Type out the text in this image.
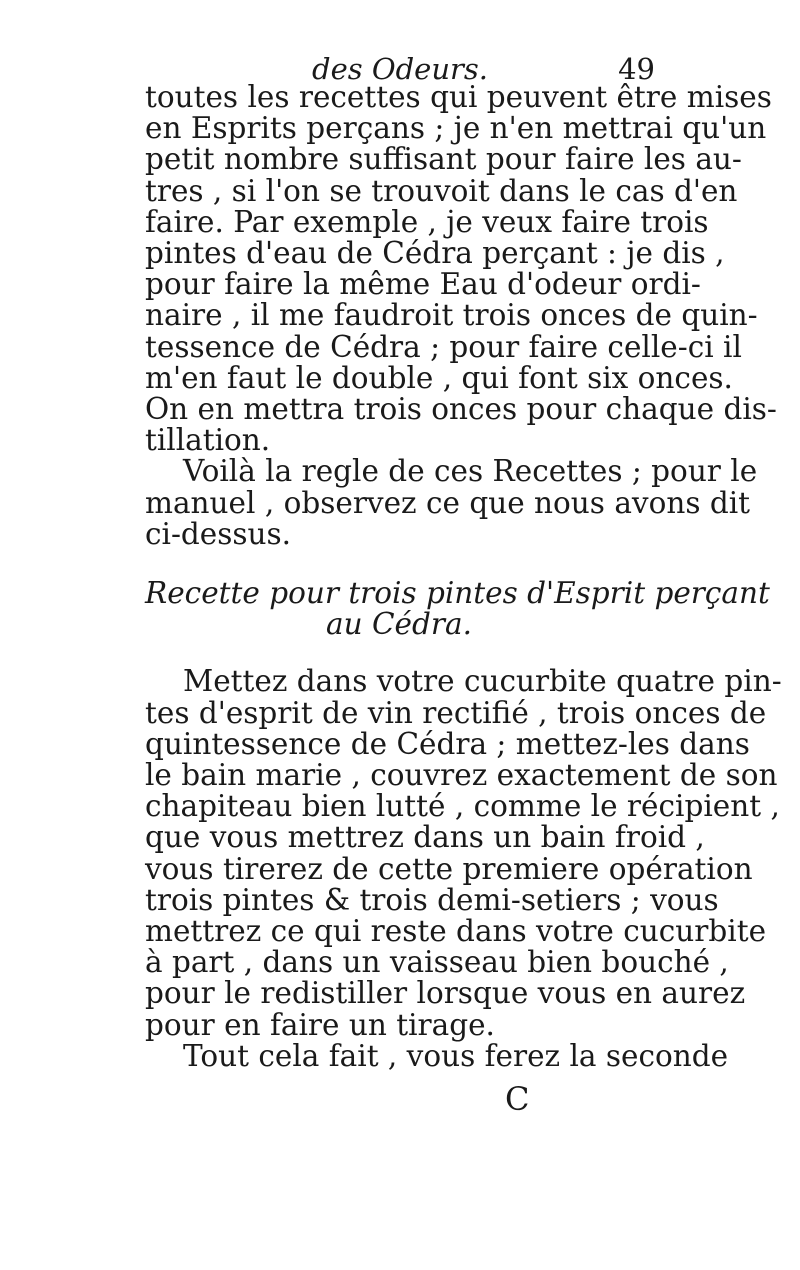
des Odeurs.	49
toutes les recettes qui peuvent être mises
en Esprits perçans ; je n'en mettrai qu'un
petit nombre suffisant pour faire les au-
tres , si l'on se trouvoit dans le cas d'en
faire. Par exemple , je veux faire trois
pintes d'eau de Cédra perçant : je dis ,
pour faire la même Eau d'odeur ordi-
naire , il me faudroit trois onces de quin-
tessence de Cédra ; pour faire celle-ci il
m'en faut le double , qui font six onces.
On en mettra trois onces pour chaque dis-
tillation.
Voilà la regle de ces Recettes ; pour le
manuel , observez ce que nous avons dit
ci-dessus.
Recette pour trois pintes d'Esprit perçant
au Cédra.
Mettez dans votre cucurbite quatre pin-
tes d'esprit de vin rectifié , trois onces de
quintessence de Cédra ; mettez-les dans
le bain marie , couvrez exactement de son
chapiteau bien lutté , comme le récipient ,
que vous mettrez dans un bain froid ,
vous tirerez de cette premiere opération
trois pintes & trois demi-setiers ; vous
mettrez ce qui reste dans votre cucurbite
à part , dans un vaisseau bien bouché ,
pour le redistiller lorsque vous en aurez
pour en faire un tirage.
Tout cela fait , vous ferez la seconde
C
